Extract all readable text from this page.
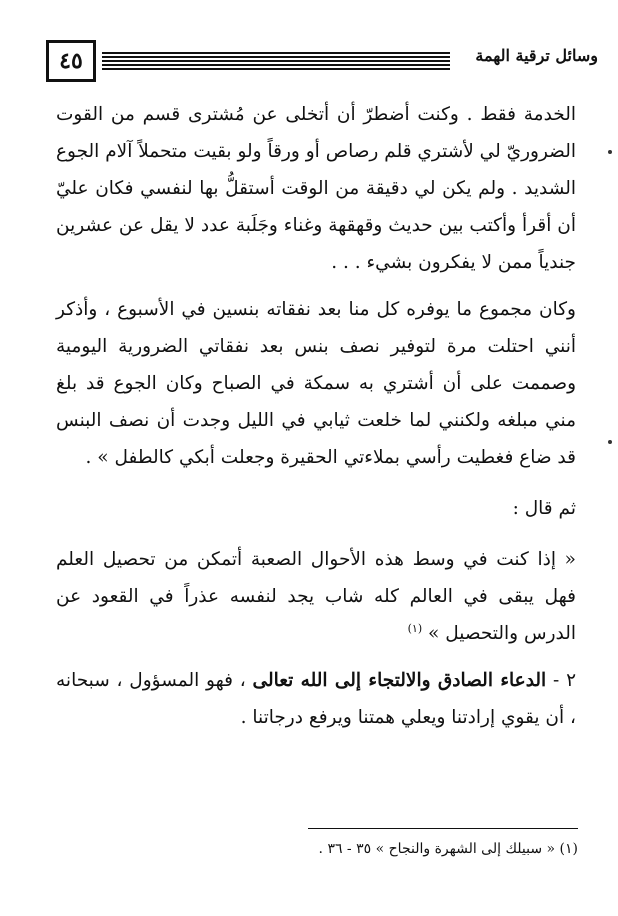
٤٥	وسائل ترقية الهمة

الخدمة فقط . وكنت أضطرّ أن أتخلى عن مُشترى قسم من القوت الضروريّ لي لأشتري قلم رصاص أو ورقاً ولو بقيت متحملاً آلام الجوع الشديد . ولم يكن لي دقيقة من الوقت أستقلُّ بها لنفسي فكان عليّ أن أقرأ وأكتب بين حديث وقهقهة وغناء وجَلَبة عدد لا يقل عن عشرين جندياً ممن لا يفكرون بشيء . . .

وكان مجموع ما يوفره كل منا بعد نفقاته بنسين في الأسبوع ، وأذكر أنني احتلت مرة لتوفير نصف بنس بعد نفقاتي الضرورية اليومية وصممت على أن أشتري به سمكة في الصباح وكان الجوع قد بلغ مني مبلغه ولكنني لما خلعت ثيابي في الليل وجدت أن نصف البنس قد ضاع فغطيت رأسي بملاءتي الحقيرة وجعلت أبكي كالطفل » .

ثم قال :

« إذا كنت في وسط هذه الأحوال الصعبة أتمكن من تحصيل العلم فهل يبقى في العالم كله شاب يجد لنفسه عذراً في القعود عن الدرس والتحصيل » $^{(١)}$

٢ - الدعاء الصادق والالتجاء إلى الله تعالى ، فهو المسؤول ، سبحانه ، أن يقوي إرادتنا ويعلي همتنا ويرفع درجاتنا .

(١) « سبيلك إلى الشهرة والنجاح » ٣٥ - ٣٦ .
